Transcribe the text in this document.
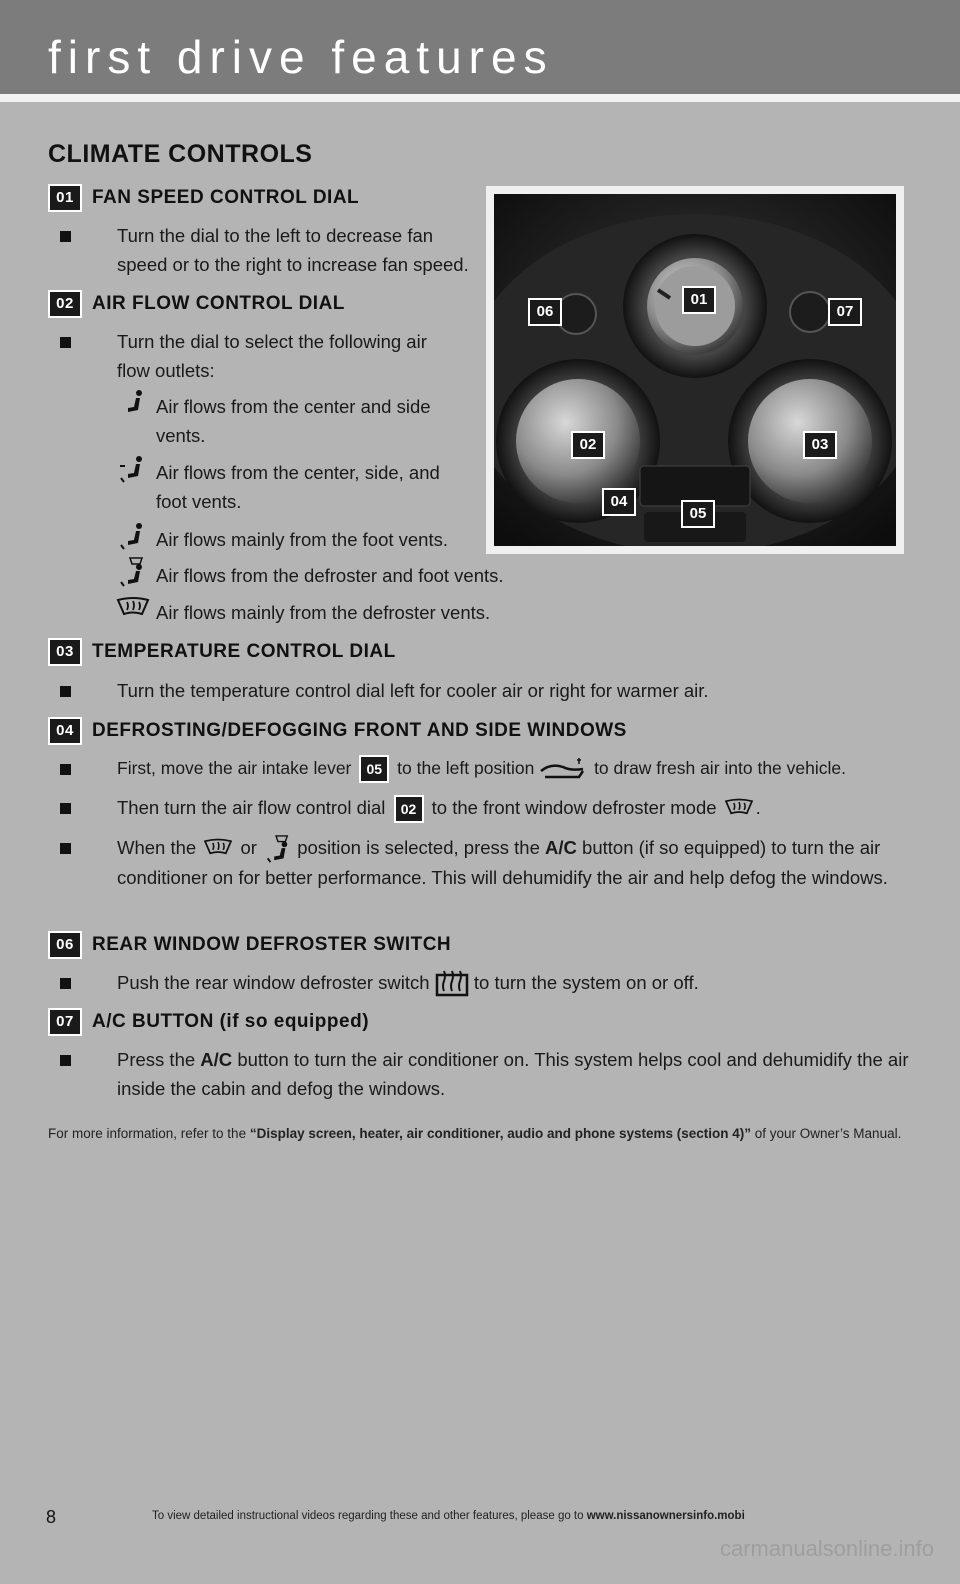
first drive features
CLIMATE CONTROLS
01 FAN SPEED CONTROL DIAL
Turn the dial to the left to decrease fan speed or to the right to increase fan speed.
02 AIR FLOW CONTROL DIAL
Turn the dial to select the following air flow outlets:
Air flows from the center and side vents.
Air flows from the center, side, and foot vents.
Air flows mainly from the foot vents.
Air flows from the defroster and foot vents.
Air flows mainly from the defroster vents.
06
01
07
02	03
04
05
03 TEMPERATURE CONTROL DIAL
Turn the temperature control dial left for cooler air or right for warmer air.
04 DEFROSTING/DEFOGGING FRONT AND SIDE WINDOWS
First, move the air intake lever 05 to the left position	to draw fresh air into the vehicle.
Then turn the air flow control dial 02 to the front window defroster mode .
When the or position is selected, press the A/C button (if so equipped) to turn the air conditioner on for better performance. This will dehumidify the air and help defog the windows.
06 REAR WINDOW DEFROSTER SWITCH
Push the rear window defroster switch to turn the system on or off.
07 A/C BUTTON (if so equipped)
Press the A/C button to turn the air conditioner on. This system helps cool and dehumidify the air inside the cabin and defog the windows.
For more information, refer to the “Display screen, heater, air conditioner, audio and phone systems (section 4)” of your Owner’s Manual.
8	To view detailed instructional videos regarding these and other features, please go to www.nissanownersinfo.mobi
carmanualsonline.info
